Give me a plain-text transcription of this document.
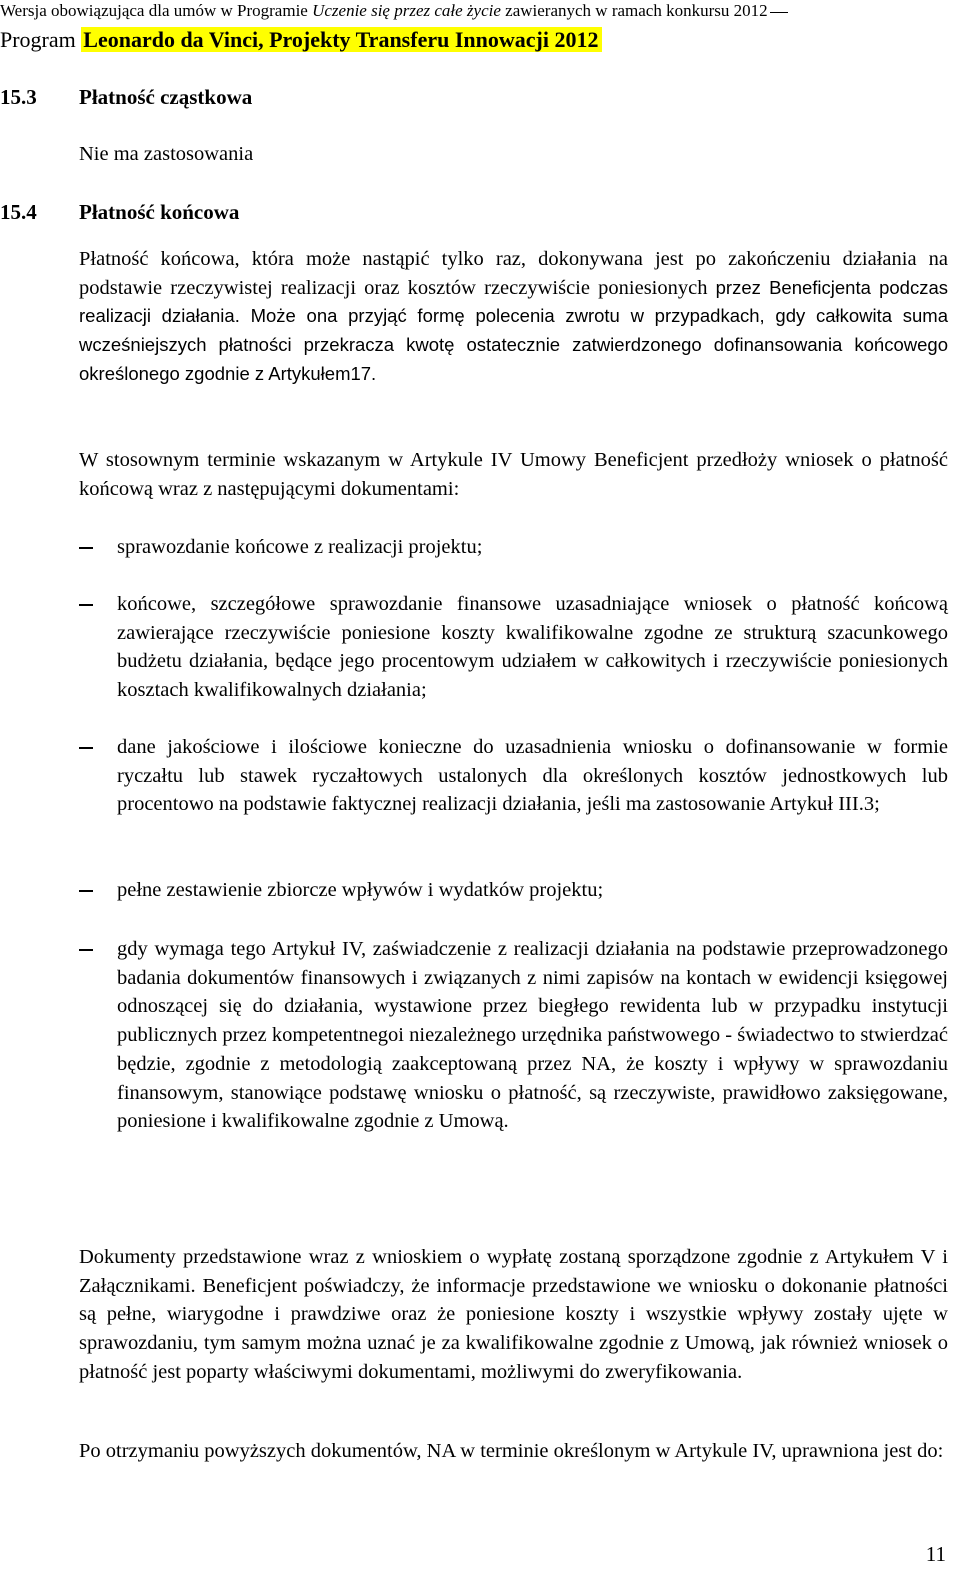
Wersja obowiązująca dla umów w Programie Uczenie się przez całe życie zawieranych w ramach konkursu 2012
Program Leonardo da Vinci, Projekty Transferu Innowacji 2012
15.3 Płatność cząstkowa
Nie ma zastosowania
15.4 Płatność końcowa
Płatność końcowa, która może nastąpić tylko raz, dokonywana jest po zakończeniu działania na podstawie rzeczywistej realizacji oraz kosztów rzeczywiście poniesionych przez Beneficjenta podczas realizacji działania. Może ona przyjąć formę polecenia zwrotu w przypadkach, gdy całkowita suma wcześniejszych płatności przekracza kwotę ostatecznie zatwierdzonego dofinansowania końcowego określonego zgodnie z Artykułem17.
W stosownym terminie wskazanym w Artykule IV Umowy Beneficjent przedłoży wniosek o płatność końcową wraz z następującymi dokumentami:
sprawozdanie końcowe z realizacji projektu;
końcowe, szczegółowe sprawozdanie finansowe uzasadniające wniosek o płatność końcową zawierające rzeczywiście poniesione koszty kwalifikowalne zgodne ze strukturą szacunkowego budżetu działania, będące jego procentowym udziałem w całkowitych i rzeczywiście poniesionych kosztach kwalifikowalnych działania;
dane jakościowe i ilościowe konieczne do uzasadnienia wniosku o dofinansowanie w formie ryczałtu lub stawek ryczałtowych ustalonych dla określonych kosztów jednostkowych lub procentowo na podstawie faktycznej realizacji działania, jeśli ma zastosowanie Artykuł III.3;
pełne zestawienie zbiorcze wpływów i wydatków projektu;
gdy wymaga tego Artykuł IV, zaświadczenie z realizacji działania na podstawie przeprowadzonego badania dokumentów finansowych i związanych z nimi zapisów na kontach w ewidencji księgowej odnoszącej się do działania, wystawione przez biegłego rewidenta lub w przypadku instytucji publicznych przez kompetentnegoi niezależnego urzędnika państwowego - świadectwo to stwierdzać będzie, zgodnie z metodologią zaakceptowaną przez NA, że koszty i wpływy w sprawozdaniu finansowym, stanowiące podstawę wniosku o płatność, są rzeczywiste, prawidłowo zaksięgowane, poniesione i kwalifikowalne zgodnie z Umową.
Dokumenty przedstawione wraz z wnioskiem o wypłatę zostaną sporządzone zgodnie z Artykułem V i Załącznikami. Beneficjent poświadczy, że informacje przedstawione we wniosku o dokonanie płatności są pełne, wiarygodne i prawdziwe oraz że poniesione koszty i wszystkie wpływy zostały ujęte w sprawozdaniu, tym samym można uznać je za kwalifikowalne zgodnie z Umową, jak również wniosek o płatność jest poparty właściwymi dokumentami, możliwymi do zweryfikowania.
Po otrzymaniu powyższych dokumentów, NA w terminie określonym w Artykule IV, uprawniona jest do:
11
